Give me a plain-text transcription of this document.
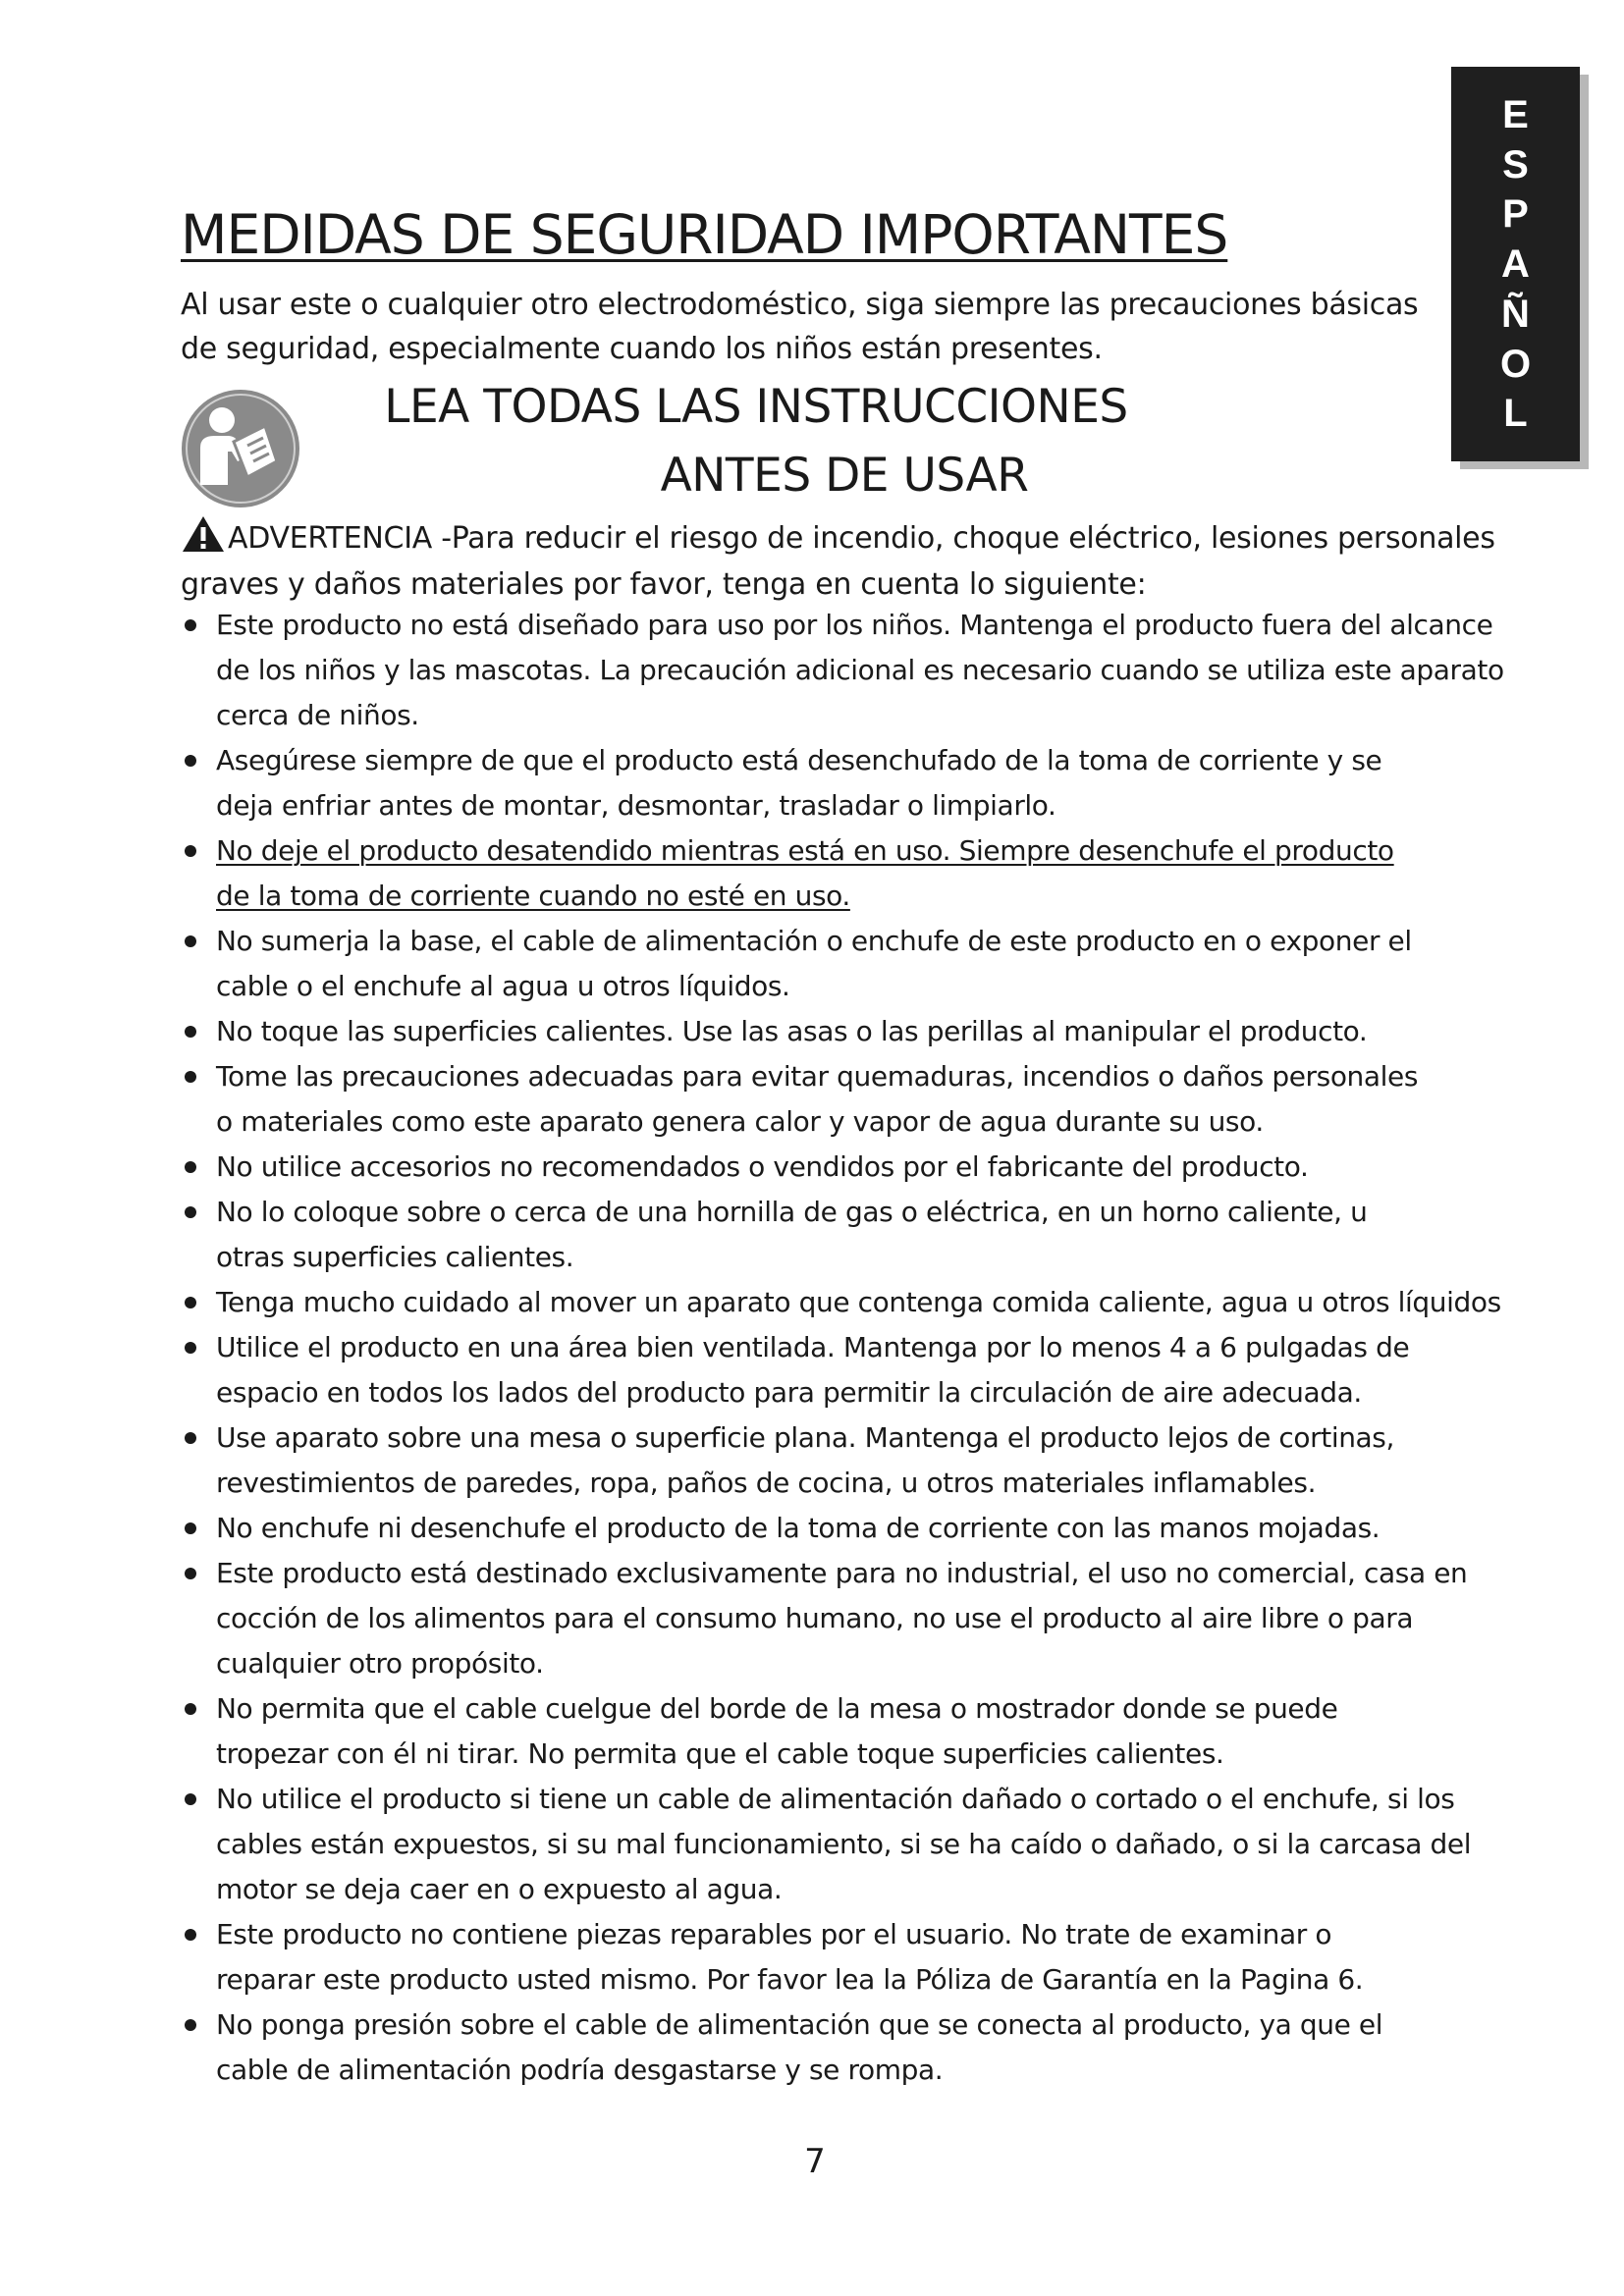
E
S
P
A
Ñ
O
L
MEDIDAS DE SEGURIDAD IMPORTANTES
Al usar este o cualquier otro electrodoméstico, siga siempre las precauciones básicas
de seguridad, especialmente cuando los niños están presentes.
LEA TODAS LAS INSTRUCCIONES
ANTES DE USAR
ADVERTENCIA -Para reducir el riesgo de incendio, choque eléctrico, lesiones personales
graves y daños materiales por favor, tenga en cuenta lo siguiente:
Este producto no está diseñado para uso por los niños. Mantenga el producto fuera del alcance
de los niños y las mascotas. La precaución adicional es necesario cuando se utiliza este aparato
cerca de niños.
Asegúrese siempre de que el producto está desenchufado de la toma de corriente y se
deja enfriar antes de montar, desmontar, trasladar o limpiarlo.
No deje el producto desatendido mientras está en uso. Siempre desenchufe el producto
de la toma de corriente cuando no esté en uso.
No sumerja la base, el cable de alimentación o enchufe de este producto en o exponer el
cable o el enchufe al agua u otros líquidos.
No toque las superficies calientes. Use las asas o las perillas al manipular el producto.
Tome las precauciones adecuadas para evitar quemaduras, incendios o daños personales
o materiales como este aparato genera calor y vapor de agua durante su uso.
No utilice accesorios no recomendados o vendidos por el fabricante del producto.
No lo coloque sobre o cerca de una hornilla de gas o eléctrica, en un horno caliente, u
otras superficies calientes.
Tenga mucho cuidado al mover un aparato que contenga comida caliente, agua u otros líquidos
Utilice el producto en una área bien ventilada. Mantenga por lo menos 4 a 6 pulgadas de
espacio en todos los lados del producto para permitir la circulación de aire adecuada.
Use aparato sobre una mesa o superficie plana. Mantenga el producto lejos de cortinas,
revestimientos de paredes, ropa, paños de cocina, u otros materiales inflamables.
No enchufe ni desenchufe el producto de la toma de corriente con las manos mojadas.
Este producto está destinado exclusivamente para no industrial, el uso no comercial, casa en
cocción de los alimentos para el consumo humano, no use el producto al aire libre o para
cualquier otro propósito.
No permita que el cable cuelgue del borde de la mesa o mostrador donde se puede
tropezar con él ni tirar. No permita que el cable toque superficies calientes.
No utilice el producto si tiene un cable de alimentación dañado o cortado o el enchufe, si los
cables están expuestos, si su mal funcionamiento, si se ha caído o dañado, o si la carcasa del
motor se deja caer en o expuesto al agua.
Este producto no contiene piezas reparables por el usuario. No trate de examinar o
reparar este producto usted mismo. Por favor lea la Póliza de Garantía en la Pagina 6.
No ponga presión sobre el cable de alimentación que se conecta al producto, ya que el
cable de alimentación podría desgastarse y se rompa.
7
